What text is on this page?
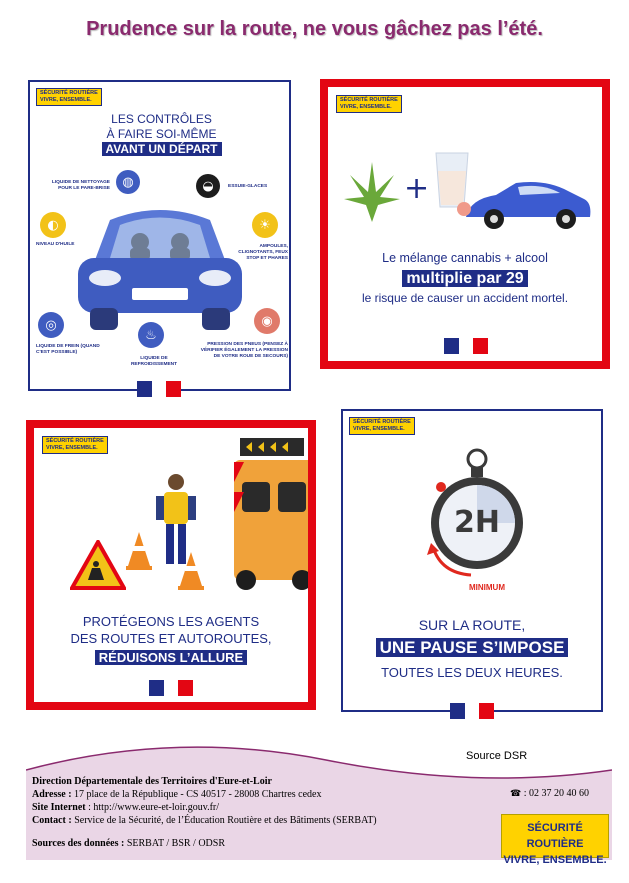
Prudence sur la route, ne vous gâchez pas l’été.
SÉCURITÉ ROUTIÈRE
VIVRE, ENSEMBLE.
LES CONTRÔLES
À FAIRE SOI-MÊME
AVANT UN DÉPART
◍	◒
◐	☀
◎
♨
◉
LIQUIDE DE NETTOYAGE POUR LE PARE-BRISE	ESSUIE-GLACES
NIVEAU D'HUILE	AMPOULES, CLIGNOTANTS, FEUX STOP ET PHARES
LIQUIDE DE FREIN (QUAND C'EST POSSIBLE)
LIQUIDE DE REFROIDISSEMENT
PRESSION DES PNEUS (PENSEZ À VÉRIFIER ÉGALEMENT LA PRESSION DE VOTRE ROUE DE SECOURS)
SÉCURITÉ ROUTIÈRE
VIVRE, ENSEMBLE.
+
Le mélange cannabis + alcool
multiplie par 29
le risque de causer un accident mortel.
SÉCURITÉ ROUTIÈRE
VIVRE, ENSEMBLE.
PROTÉGEONS LES AGENTS
DES ROUTES ET AUTOROUTES,
RÉDUISONS L’ALLURE
SÉCURITÉ ROUTIÈRE
VIVRE, ENSEMBLE.
2H
MINIMUM
SUR LA ROUTE,
UNE PAUSE S’IMPOSE
TOUTES LES DEUX HEURES.
Source DSR
Direction Départementale des Territoires d'Eure-et-Loir
Adresse : 17 place de la République - CS 40517 - 28008 Chartres cedex
Site Internet : http://www.eure-et-loir.gouv.fr/
Contact : Service de la Sécurité, de l’Éducation Routière et des Bâtiments (SERBAT)
Sources des données : SERBAT / BSR / ODSR
☎ : 02 37 20 40 60
SÉCURITÉ ROUTIÈRE
VIVRE, ENSEMBLE.
